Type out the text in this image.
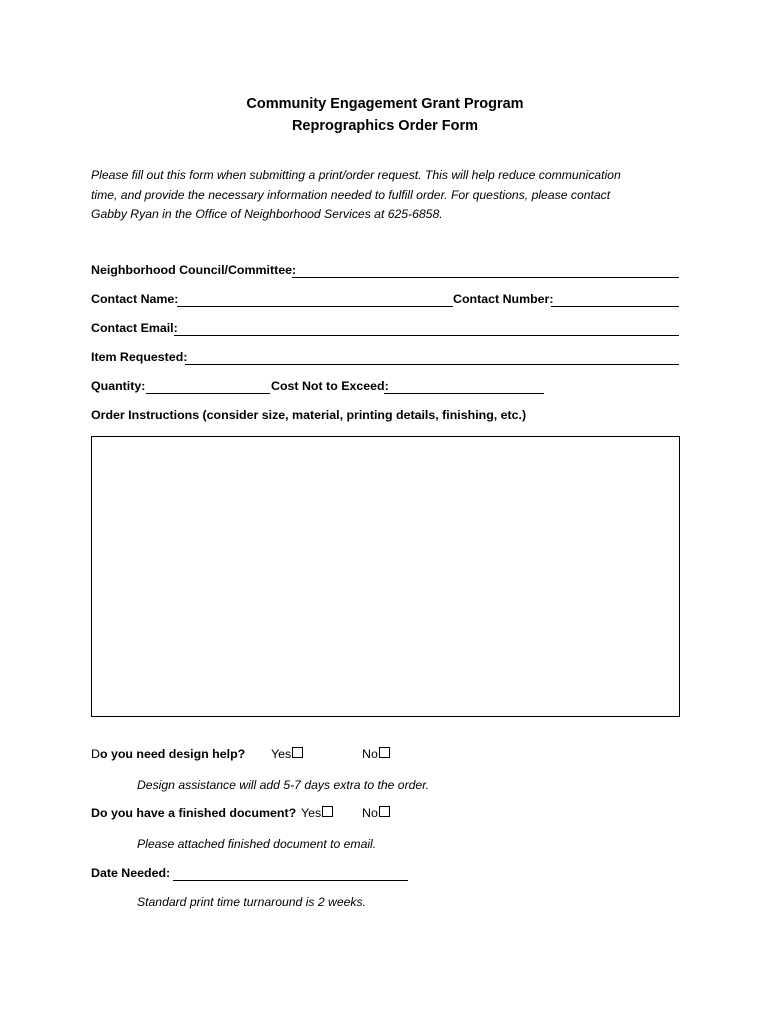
Community Engagement Grant Program
Reprographics Order Form
Please fill out this form when submitting a print/order request. This will help reduce communication
time, and provide the necessary information needed to fulfill order. For questions, please contact
Gabby Ryan in the Office of Neighborhood Services at 625-6858.
Neighborhood Council/Committee:
Contact Name:	Contact Number:
Contact Email:
Item Requested:
Quantity:	Cost Not to Exceed:
Order Instructions (consider size, material, printing details, finishing, etc.)
Do you need design help? Yes	No
Design assistance will add 5-7 days extra to the order.
Do you have a finished document? Yes	No
Please attached finished document to email.
Date Needed:
Standard print time turnaround is 2 weeks.
